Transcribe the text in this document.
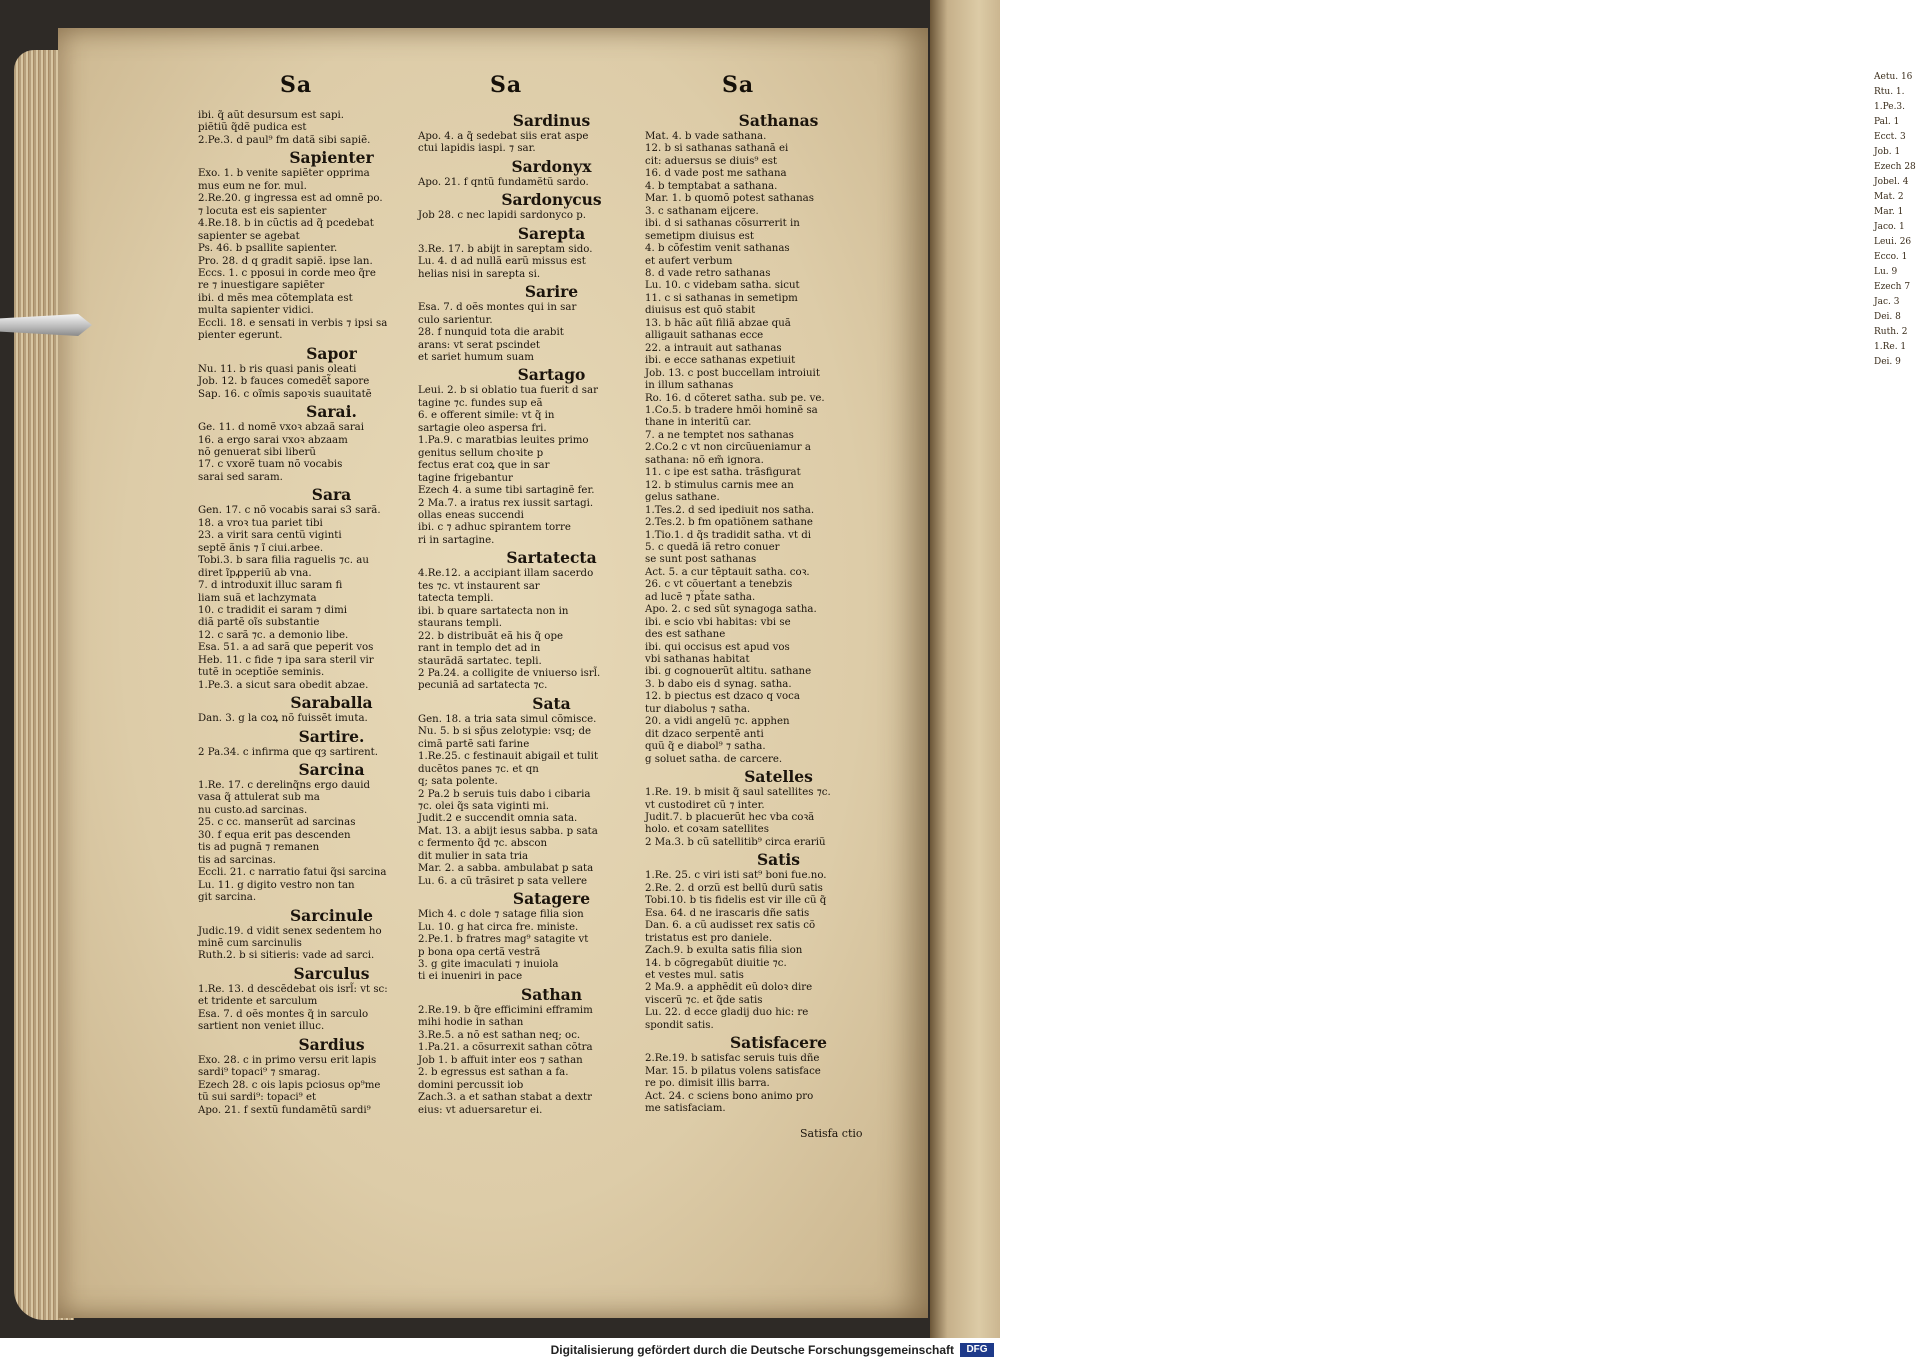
Aetu. 16
Rtu. 1.
1.Pe.3.
Pal. 1
Ecct. 3
Job. 1
Ezech 28
Jobel. 4
Mat. 2
Mar. 1
Jaco. 1
Leui. 26
Ecco. 1
Lu. 9
Ezech 7
Jac. 3
Dei. 8
Ruth. 2
1.Re. 1
Dei. 9
Sa	Sa	Sa

ibi. q̃ aũt desursum est sapi.

piẽtiũ q̃dẽ pudica est

2.Pe.3. d paul⁹ fm datã sibi sapiẽ.

Sapienter

Exo. 1. b venite sapiẽter opprima

mus eum ne for. mul.

2.Re.20. g ingressa est ad omnẽ po.

⁊ locuta est eis sapienter

4.Re.18. b in cũctis ad q̃ pcedebat

sapienter se agebat

Ps. 46. b psallite sapienter.

Pro. 28. d q gradit sapiẽ. ipse lan.

Eccs. 1. c pposui in corde meo q̃re

re ⁊ inuestigare sapiẽter

ibi. d mẽs mea cõtemplata est

multa sapienter vidici.

Eccli. 18. e sensati in verbis ⁊ ipsi sa

pienter egerunt.

Sapor

Nu. 11. b ris quasi panis oleati

Job. 12. b fauces comedẽt̃ sapore

Sap. 16. c oĩmis sapoꝛis suauitatẽ

Sarai.

Ge. 11. d nomẽ vxoꝛ abzaã sarai

16. a ergo sarai vxoꝛ abzaam

nõ genuerat sibi liberũ

17. c vxorẽ tuam nõ vocabis

sarai sed saram.

Sara

Gen. 17. c nõ vocabis sarai s3 sarã.

18. a vroꝛ tua pariet tibi

23. a virit sara centũ viginti

septẽ ãnis ⁊ ĩ ciui.arbee.

Tobi.3. b sara filia raguelis ⁊c. au

diret ĩpꝓperiũ ab vna.

7. d introduxit illuc saram fi

liam suã et lachzymata

10. c tradidit ei saram ⁊ dimi

diã partẽ oĩs substantie

12. c sarã ⁊c. a demonio libe.

Esa. 51. a ad sarã que peperit vos

Heb. 11. c fide ⁊ ipa sara steril vir

tutẽ in ↄceptiõe seminis.

1.Pe.3. a sicut sara obedit abzae.

Saraballa

Dan. 3. g la coꝝ nõ fuissẽt imuta.

Sartire.

2 Pa.34. c infirma que qȝ sartirent.

Sarcina

1.Re. 17. c derelinq̃ns ergo dauid

vasa q̃ attulerat sub ma

nu custo.ad sarcinas.

25. c cc. manserũt ad sarcinas

30. f equa erit pas descenden

tis ad pugnã ⁊ remanen

tis ad sarcinas.

Eccli. 21. c narratio fatui q̃si sarcina

Lu. 11. g digito vestro non tan

git sarcina.

Sarcinule

Judic.19. d vidit senex sedentem ho

minẽ cum sarcinulis

Ruth.2. b si sitieris: vade ad sarci.

Sarculus

1.Re. 13. d descẽdebat ois isrl̃: vt sc:

et tridente et sarculum

Esa. 7. d oẽs montes q̃ in sarculo

sartient non veniet illuc.

Sardius

Exo. 28. c in primo versu erit lapis

sardi⁹ topaci⁹ ⁊ smarag.

Ezech 28. c ois lapis pciosus op⁹me

tũ sui sardi⁹: topaci⁹ et

Apo. 21. f sextũ fundamẽtũ sardi⁹

Sardinus

Apo. 4. a q̃ sedebat siis erat aspe

ctui lapidis iaspi. ⁊ sar.

Sardonyx

Apo. 21. f qntũ fundamẽtũ sardo.

Sardonycus

Job 28. c nec lapidi sardonyco p.

Sarepta

3.Re. 17. b abijt in sareptam sido.

Lu. 4. d ad nullã earũ missus est

helias nisi in sarepta si.

Sarire

Esa. 7. d oẽs montes qui in sar

culo sarientur.

28. f nunquid tota die arabit

arans: vt serat pscindet

et sariet humum suam

Sartago

Leui. 2. b si oblatio tua fuerit d sar

tagine ⁊c. fundes sup eã

6. e offerent simile: vt q̃ in

sartagie oleo aspersa fri.

1.Pa.9. c maratbias leuites primo

genitus sellum choꝛite p

fectus erat coꝝ que in sar

tagine frigebantur

Ezech 4. a sume tibi sartaginẽ fer.

2 Ma.7. a iratus rex iussit sartagi.

ollas eneas succendi

ibi. c ⁊ adhuc spirantem torre

ri in sartagine.

Sartatecta

4.Re.12. a accipiant illam sacerdo

tes ⁊c. vt instaurent sar

tatecta templi.

ibi. b quare sartatecta non in

staurans templi.

22. b distribuãt eã his q̃ ope

rant in templo det ad in

staurãdã sartatec. tepli.

2 Pa.24. a colligite de vniuerso isrl̃.

pecuniã ad sartatecta ⁊c.

Sata

Gen. 18. a tria sata simul cõmisce.

Nu. 5. b si sp̃us zelotypie: vsq; de

cimã partẽ sati farine

1.Re.25. c festinauit abigail et tulit

ducẽtos panes ⁊c. et qn

q; sata polente.

2 Pa.2 b seruis tuis dabo i cibaria

⁊c. olei q̃s sata viginti mi.

Judit.2 e succendit omnia sata.

Mat. 13. a abijt iesus sabba. p sata

c fermento q̃d ⁊c. abscon

dit mulier in sata tria

Mar. 2. a sabba. ambulabat p sata

Lu. 6. a cũ trãsiret p sata vellere

Satagere

Mich 4. c dole ⁊ satage filia sion

Lu. 10. g hat circa fre. ministe.

2.Pe.1. b fratres mag⁹ satagite vt

p bona opa certã vestrã

3. g gite imaculati ⁊ inuiola

ti ei inueniri in pace

Sathan

2.Re.19. b q̃re efficimini efframim

mihi hodie in sathan

3.Re.5. a nõ est sathan neq; oc.

1.Pa.21. a cõsurrexit sathan cõtra

Job 1. b affuit inter eos ⁊ sathan

2. b egressus est sathan a fa.

domini percussit iob

Zach.3. a et sathan stabat a dextr

eius: vt aduersaretur ei.

Sathanas

Mat. 4. b vade sathana.

12. b si sathanas sathanã ei

cit: aduersus se diuis⁹ est

16. d vade post me sathana

4. b temptabat a sathana.

Mar. 1. b quomõ potest sathanas

3. c sathanam eijcere.

ibi. d si sathanas cõsurrerit in

semetipm diuisus est

4. b cõfestim venit sathanas

et aufert verbum

8. d vade retro sathanas

Lu. 10. c videbam satha. sicut

11. c si sathanas in semetipm

diuisus est quõ stabit

13. b hãc aũt filiã abzae quã

alligauit sathanas ecce

22. a intrauit aut sathanas

ibi. e ecce sathanas expetiuit

Job. 13. c post buccellam introiuit

in illum sathanas

Ro. 16. d cõteret satha. sub pe. ve.

1.Co.5. b tradere hmõi hominẽ sa

thane in interitũ car.

7. a ne temptet nos sathanas

2.Co.2 c vt non circũueniamur a

sathana: nõ em̃ ignora.

11. c ipe est satha. trãsfigurat

12. b stimulus carnis mee an

gelus sathane.

1.Tes.2. d sed ipediuit nos satha.

2.Tes.2. b fm opatiõnem sathane

1.Tio.1. d q̃s tradidit satha. vt di

5. c quedã iã retro conuer

se sunt post sathanas

Act. 5. a cur tẽptauit satha. coꝛ.

26. c vt cõuertant a tenebzis

ad lucẽ ⁊ pt̃ate satha.

Apo. 2. c sed sũt synagoga satha.

ibi. e scio vbi habitas: vbi se

des est sathane

ibi. qui occisus est apud vos

vbi sathanas habitat

ibi. g cognouerũt altitu. sathane

3. b dabo eis d synag. satha.

12. b piectus est dzaco q voca

tur diabolus ⁊ satha.

20. a vidi angelũ ⁊c. apphen

dit dzaco serpentẽ anti

quũ q̃ e diabol⁹ ⁊ satha.

g soluet satha. de carcere.

Satelles

1.Re. 19. b misit q̃ saul satellites ⁊c.

vt custodiret cũ ⁊ inter.

Judit.7. b placuerũt hec vba coꝛã

holo. et coꝛam satellites

2 Ma.3. b cũ satellitib⁹ circa erariũ

Satis

1.Re. 25. c viri isti sat⁹ boni fue.no.

2.Re. 2. d orzũ est bellũ durũ satis

Tobi.10. b tis fidelis est vir ille cũ q̃

Esa. 64. d ne irascaris dñe satis

Dan. 6. a cũ audisset rex satis cõ

tristatus est pro daniele.

Zach.9. b exulta satis filia sion

14. b cõgregabũt diuitie ⁊c.

et vestes mul. satis

2 Ma.9. a apphẽdit eũ doloꝛ dire

viscerũ ⁊c. et q̃de satis

Lu. 22. d ecce gladij duo hic: re

spondit satis.

Satisfacere

2.Re.19. b satisfac seruis tuis dñe

Mar. 15. b pilatus volens satisface

re po. dimisit illis barra.

Act. 24. c sciens bono animo pro

me satisfaciam.

Satisfa ctio
Digitalisierung gefördert durch die Deutsche Forschungsgemeinschaft	DFG
